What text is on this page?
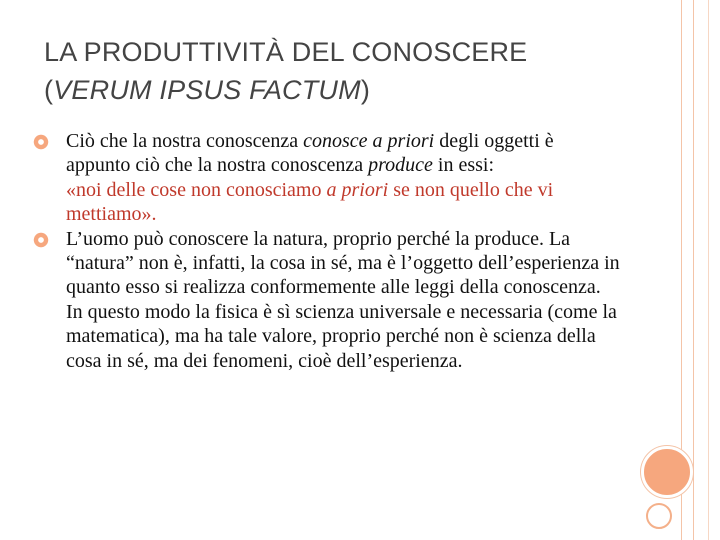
LA PRODUTTIVITÀ DEL CONOSCERE
(VERUM IPSUS FACTUM)
Ciò che la nostra conoscenza conosce a priori degli oggetti è appunto ciò che la nostra conoscenza produce in essi:
«noi delle cose non conosciamo a priori se non quello che vi mettiamo».
L’uomo può conoscere la natura, proprio perché la produce. La “natura” non è, infatti, la cosa in sé, ma è l’oggetto dell’esperienza in quanto esso si realizza conformemente alle leggi della conoscenza. In questo modo la fisica è sì scienza universale e necessaria (come la matematica), ma ha tale valore, proprio perché non è scienza della cosa in sé, ma dei fenomeni, cioè dell’esperienza.
